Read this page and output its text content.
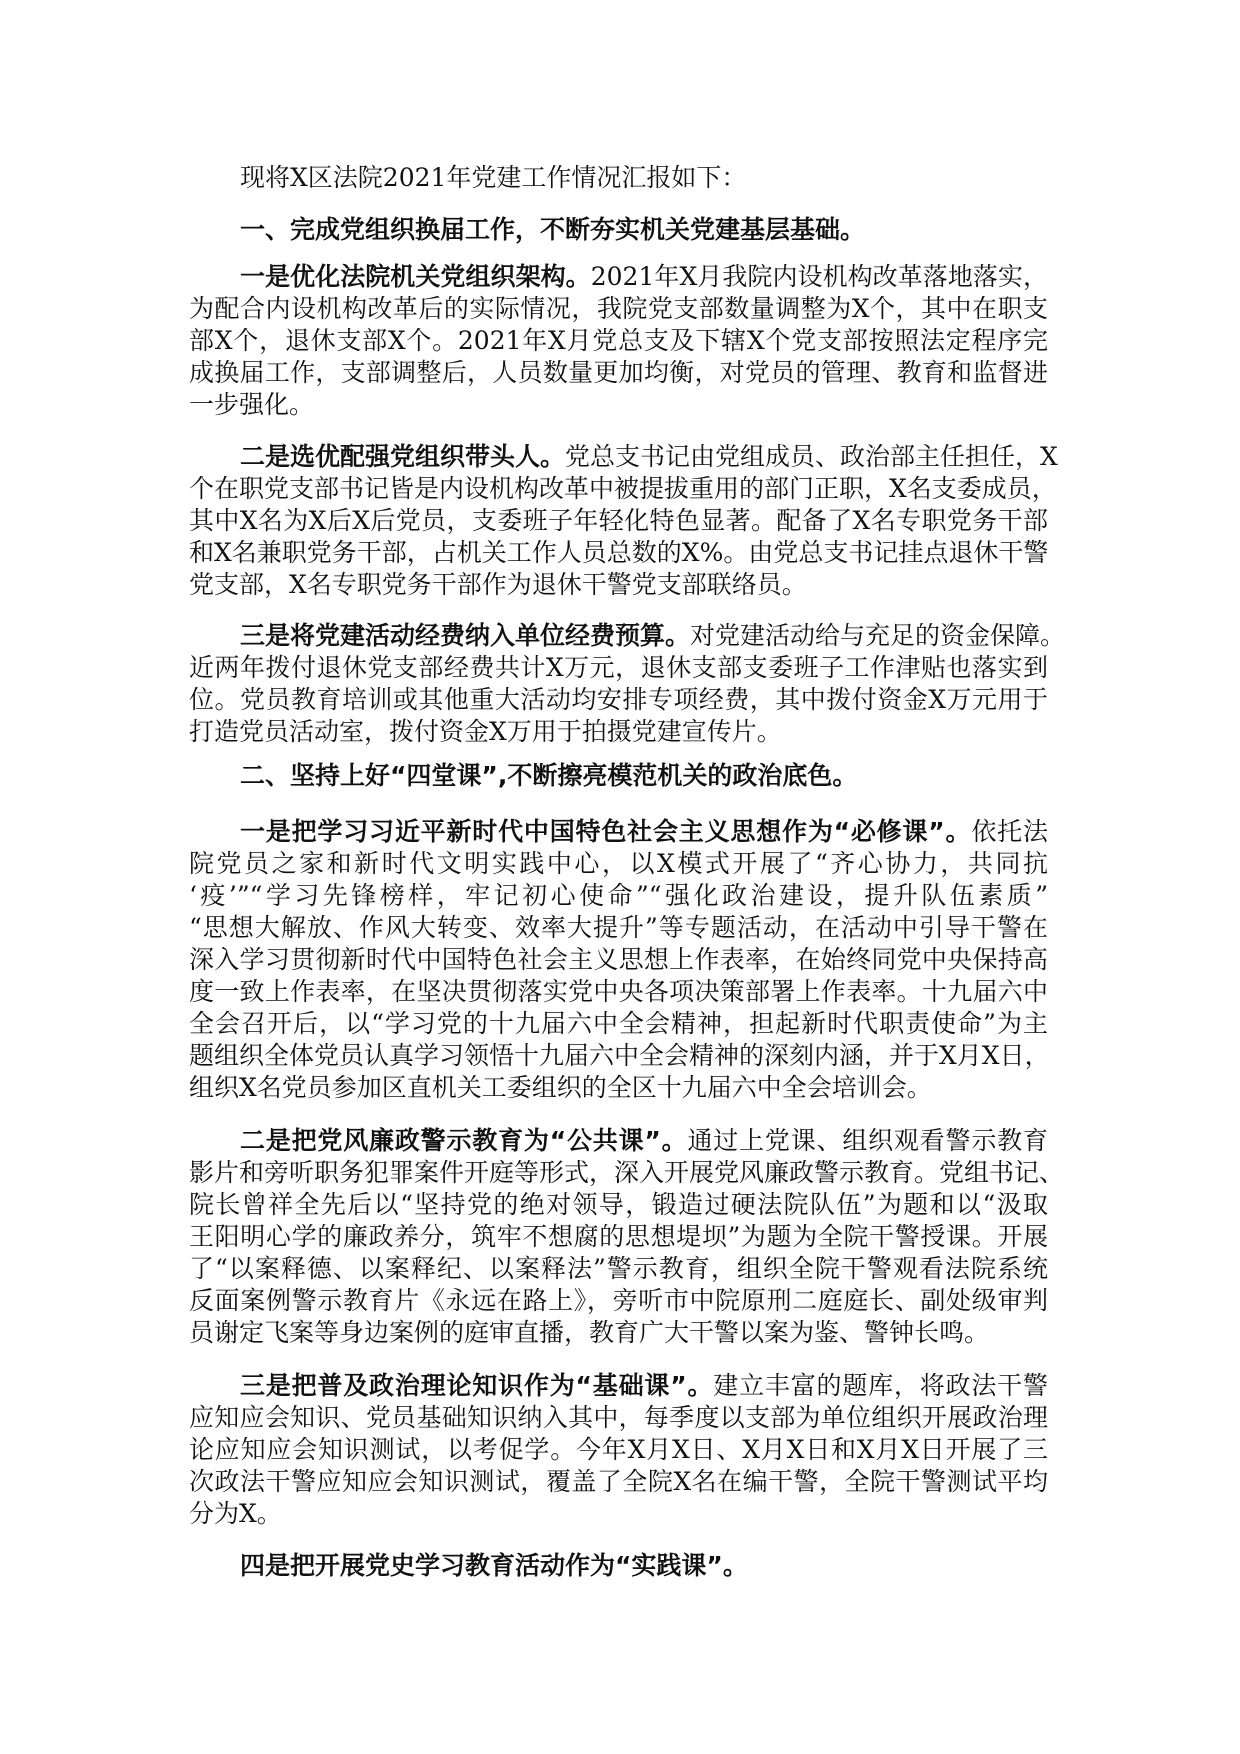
现将X区法院2021年党建工作情况汇报如下：
一、完成党组织换届工作，不断夯实机关党建基层基础。
二、坚持上好“四堂课”,不断擦亮模范机关的政治底色。
一是优化法院机关党组织架构。2021年X月我院内设机构改革落地落实，
为配合内设机构改革后的实际情况，我院党支部数量调整为X个，其中在职支
部X个，退休支部X个。2021年X月党总支及下辖X个党支部按照法定程序完
成换届工作，支部调整后，人员数量更加均衡，对党员的管理、教育和监督进
一步强化。
二是选优配强党组织带头人。党总支书记由党组成员、政治部主任担任，X
个在职党支部书记皆是内设机构改革中被提拔重用的部门正职，X名支委成员，
其中X名为X后X后党员，支委班子年轻化特色显著。配备了X名专职党务干部
和X名兼职党务干部，占机关工作人员总数的X%。由党总支书记挂点退休干警
党支部，X名专职党务干部作为退休干警党支部联络员。
三是将党建活动经费纳入单位经费预算。对党建活动给与充足的资金保障。
近两年拨付退休党支部经费共计X万元，退休支部支委班子工作津贴也落实到
位。党员教育培训或其他重大活动均安排专项经费，其中拨付资金X万元用于
打造党员活动室，拨付资金X万用于拍摄党建宣传片。
一是把学习习近平新时代中国特色社会主义思想作为“必修课”。依托法
院党员之家和新时代文明实践中心，以X模式开展了“齐心协力，共同抗
‘疫’”“学习先锋榜样，牢记初心使命”“强化政治建设，提升队伍素质”
“思想大解放、作风大转变、效率大提升”等专题活动，在活动中引导干警在
深入学习贯彻新时代中国特色社会主义思想上作表率，在始终同党中央保持高
度一致上作表率，在坚决贯彻落实党中央各项决策部署上作表率。十九届六中
全会召开后，以“学习党的十九届六中全会精神，担起新时代职责使命”为主
题组织全体党员认真学习领悟十九届六中全会精神的深刻内涵，并于X月X日，
组织X名党员参加区直机关工委组织的全区十九届六中全会培训会。
二是把党风廉政警示教育为“公共课”。通过上党课、组织观看警示教育
影片和旁听职务犯罪案件开庭等形式，深入开展党风廉政警示教育。党组书记、
院长曾祥全先后以“坚持党的绝对领导，锻造过硬法院队伍”为题和以“汲取
王阳明心学的廉政养分，筑牢不想腐的思想堤坝”为题为全院干警授课。开展
了“以案释德、以案释纪、以案释法”警示教育，组织全院干警观看法院系统
反面案例警示教育片《永远在路上》，旁听市中院原刑二庭庭长、副处级审判
员谢定飞案等身边案例的庭审直播，教育广大干警以案为鉴、警钟长鸣。
三是把普及政治理论知识作为“基础课”。建立丰富的题库，将政法干警
应知应会知识、党员基础知识纳入其中，每季度以支部为单位组织开展政治理
论应知应会知识测试，以考促学。今年X月X日、X月X日和X月X日开展了三
次政法干警应知应会知识测试，覆盖了全院X名在编干警，全院干警测试平均
分为X。
四是把开展党史学习教育活动作为“实践课”。
